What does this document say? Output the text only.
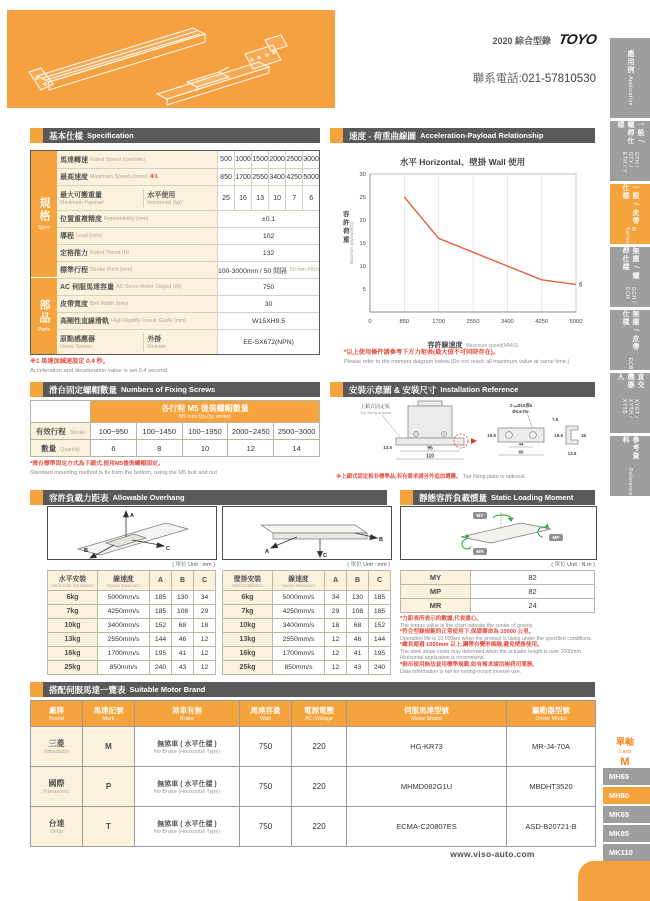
2020 綜合型錄 TOYO
聯系電話:021-57810530
應用例
Application
一般 / 螺桿仕樣
GTH / GTY / ETH / Y
一般 / 皮帶仕樣
M Series
無塵 / 螺桿仕樣
GCH / ECH
無塵 / 皮帶仕樣
ECB
直交機器人
XYGT / XYTH / XYTB
參考資料
Reference
單軸
1 axis
M
MH65
MH80
MK65
MK85
MK110
基本仕樣 Specification	速度 - 荷重曲線圖 Acceleration-Payload Relationship
滑台固定螺帽數量 Numbers of Fixing Screws	安裝示意圖 & 安裝尺寸 Installation Reference
容許負載力距表 Allowable Overhang	靜態容許負載慣量 Static Loading Moment
搭配伺服馬達一覽表 Suitable Motor Brand
規格
Spec
部品
Parts
馬達轉速 Rated Speed (rpm/min)	500 1000 1500 2000 2500 3000
最高速度 Maximum Speed (mm/s) ※1	850 1700 2550 3400 4250 5000
最大可搬重量
Maximum Payload
水平使用
Horizontal (kg)
25	16	13	10	7	6
位置重複精度 Repeatability (mm)	±0.1
導程 Lead (mm)	102
定格推力 Rated Thrust (N)	132
標準行程 Stroke Pitch (mm)	100-3000mm / 50 間隔 50 mm Pitch
AC 伺服馬達容量 AC Servo Motor Output (W)	750
皮帶寬度 Belt Width (mm)	30
高剛性直線滑軌 High Rigidity Linear Guide (mm)	W15XH9.5
原點感應器
Home Sensor
外掛
Outside
EE-SX672(NPN)
※1 馬達加減速設定 0.4 秒。
Acceleration and deceleration value is set 0.4 second.
水平 Horizontal、壁掛 Wall 使用
5
10
15
20
25
30
0	850	1700	2550	3400	4250	5000
6
容許荷重 Maximum payload(KG)
容許線速度 Maximum speed(MM/S)
*以上使用條件請參考下方力矩表(最大值不可同時存在)。
Please refer to the moment diagram below.(Do not reach all maximum value at same time.)

	各行程 M5 後裝螺帽數量
M5 nuts Qty.(by stroke)				

有效行程 Stroke	100~950	100~1450	100~1950	2000~2450	2500~3000
數量 Quantity	6	8	10	12	14
*滑台標準固定方式為下鎖式,使用M5後裝螺帽固定。
Standard mounting method is fix from the bottom, using the M5 bolt and nut
上鎖式固定板
Top fixing bracket
95
110
13.5
2-⌴Ø10深5
Ø5.6-thr.
7.5
19.5
44
60
19.5	15
13.5
※上鎖式固定板非標準品,若有需求請另外追加選購。 Top fixing plate is optional.
A
B	C	A
B
C
( 單位 Unit : mm )	( 單位 Unit : mm )
水平安裝
Horizontal Installation	線速度
Speed Maximum	A	B	C
6kg	5000mm/s	185	130	34
7kg	4250mm/s	185	108	29
10kg	3400mm/s	152	68	18
13kg	2550mm/s	144	46	12
16kg	1700mm/s	195	41	12
25kg	850mm/s	240	43	12
壁掛安裝
Wall Installation	線速度
Speed Maximum	A	B	C
6kg	5000mm/s	34	130	185
7kg	4250mm/s	29	108	185
10kg	3400mm/s	18	68	152
13kg	2550mm/s	12	46	144
16kg	1700mm/s	12	41	195
25kg	850mm/s	12	43	240
MY
MP
MR
( 單位 Unit : N.m )
MY	82
MP	82
MR	24
*力距表所表示的數據,代表重心。
The torque value in the chart indicate the center of gravity.
*符合型錄規範的正常使用下,保證壽命為 10000 公里。
Operation life is 10,000km when the product is using under the specified conditions.
*總長超過 1000mm 以上,鋼帶有變形風險,避免壁掛使用。
The steel stripe cover may deformed when the actuator length is over 1000mm. Horizontal application is recommend.
*倒吊使用無法套用標準規範,如有需求請洽詢我司業務。
Data information is not for ceiling-mount inverse use.
廠牌
Brand	馬達記號
Mark	煞車有無
Brake	馬達容量
Watt	電源電壓
AC-Voltage	伺服馬達型號
Motor Model	驅動器型號
Driver Model

三菱
Mitsubishi	M	無煞車 ( 水平仕樣 )
No Brake (Horizontal Type)	750	220	HG-KR73	MR-J4-70A

國際
Panasonic	P	無煞車 ( 水平仕樣 )
No Brake (Horizontal Type)	750	220	MHMD082G1U	MBDHT3520

台達
Delta	T	無煞車 ( 水平仕樣 )
No Brake (Horizontal Type)	750	220	ECMA-C20807ES	ASD-B20721-B
www.viso-auto.com
